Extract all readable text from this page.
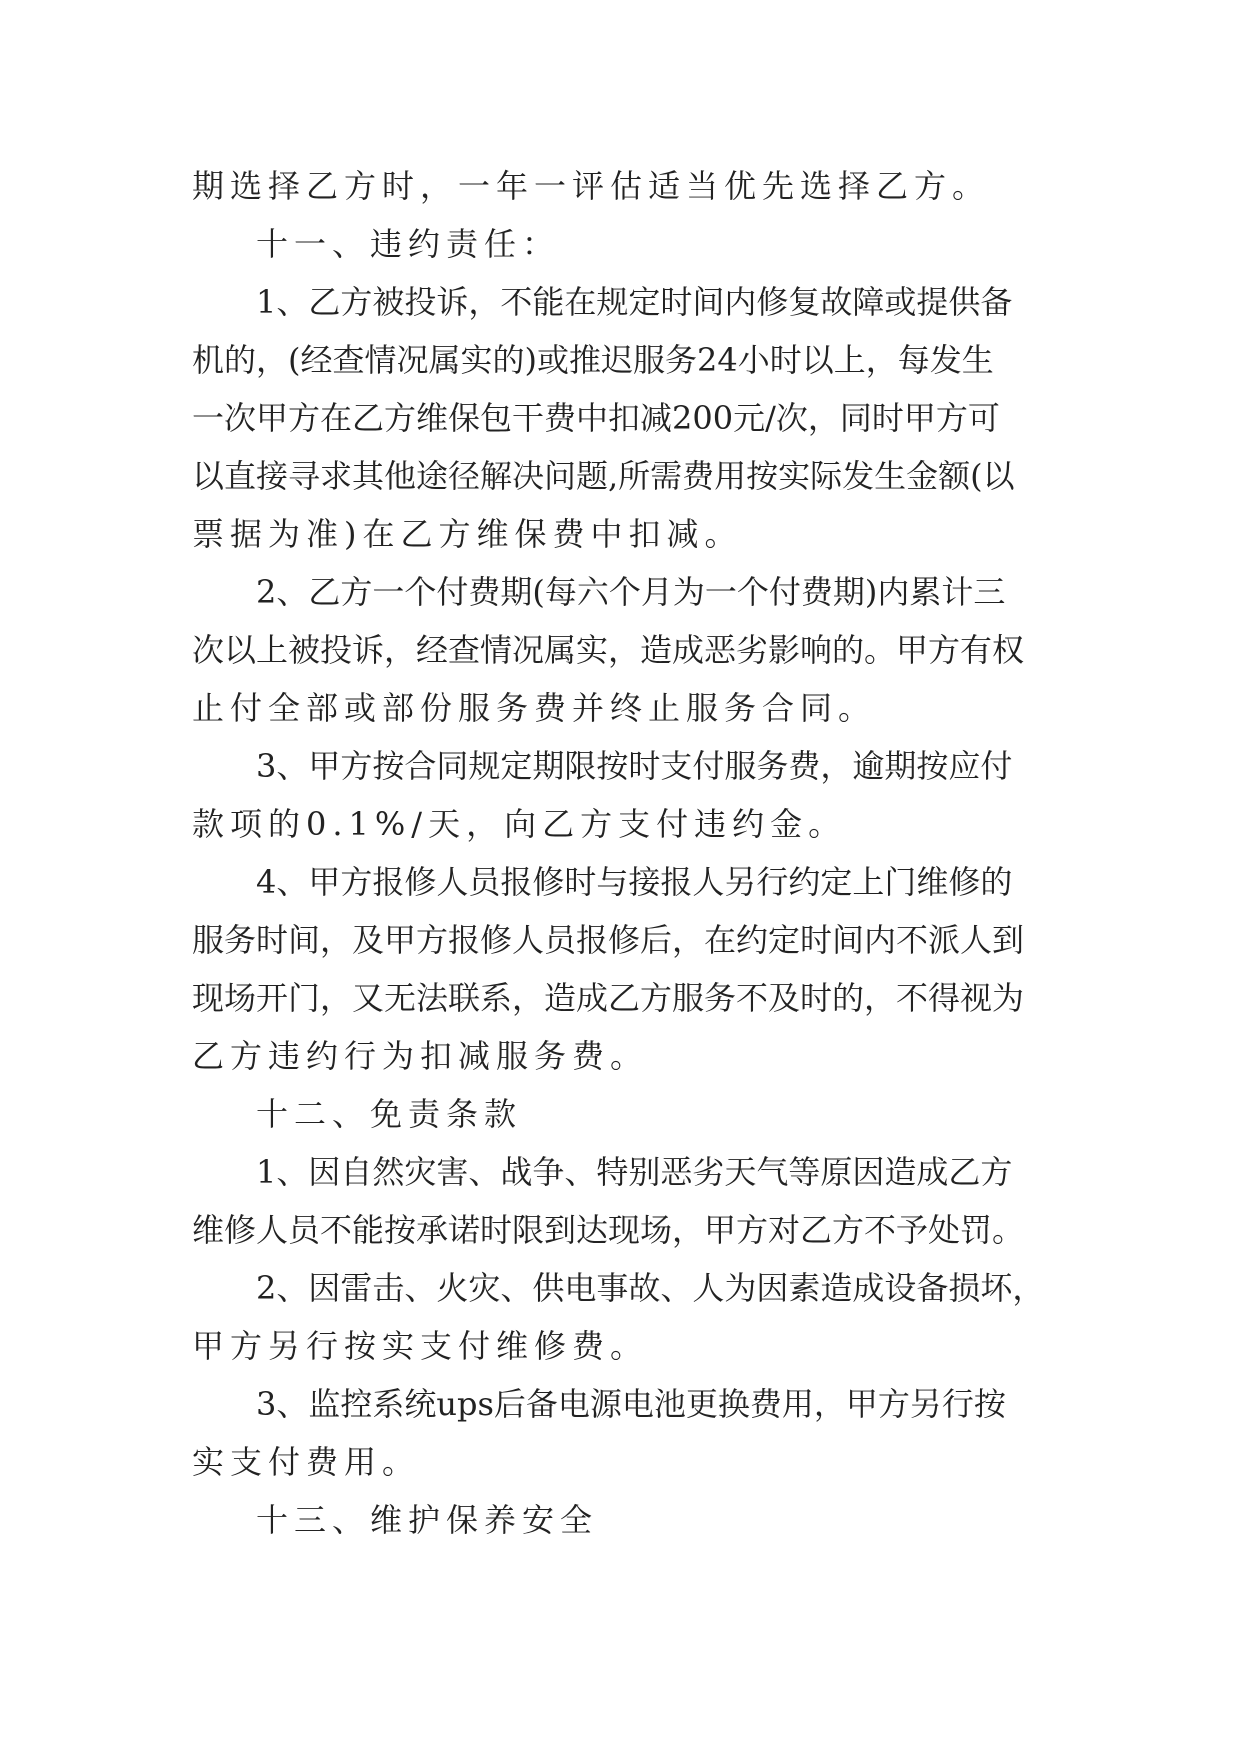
期选择乙方时，一年一评估适当优先选择乙方。
十一、违约责任：
1、乙方被投诉，不能在规定时间内修复故障或提供备
机的，(经查情况属实的)或推迟服务24小时以上，每发生
一次甲方在乙方维保包干费中扣减200元/次，同时甲方可
以直接寻求其他途径解决问题,所需费用按实际发生金额(以
票据为准)在乙方维保费中扣减。
2、乙方一个付费期(每六个月为一个付费期)内累计三
次以上被投诉，经查情况属实，造成恶劣影响的。甲方有权
止付全部或部份服务费并终止服务合同。
3、甲方按合同规定期限按时支付服务费，逾期按应付
款项的0.1%/天，向乙方支付违约金。
4、甲方报修人员报修时与接报人另行约定上门维修的
服务时间，及甲方报修人员报修后，在约定时间内不派人到
现场开门，又无法联系，造成乙方服务不及时的，不得视为
乙方违约行为扣减服务费。
十二、免责条款
1、因自然灾害、战争、特别恶劣天气等原因造成乙方
维修人员不能按承诺时限到达现场，甲方对乙方不予处罚。
2、因雷击、火灾、供电事故、人为因素造成设备损坏，
甲方另行按实支付维修费。
3、监控系统ups后备电源电池更换费用，甲方另行按
实支付费用。
十三、维护保养安全
